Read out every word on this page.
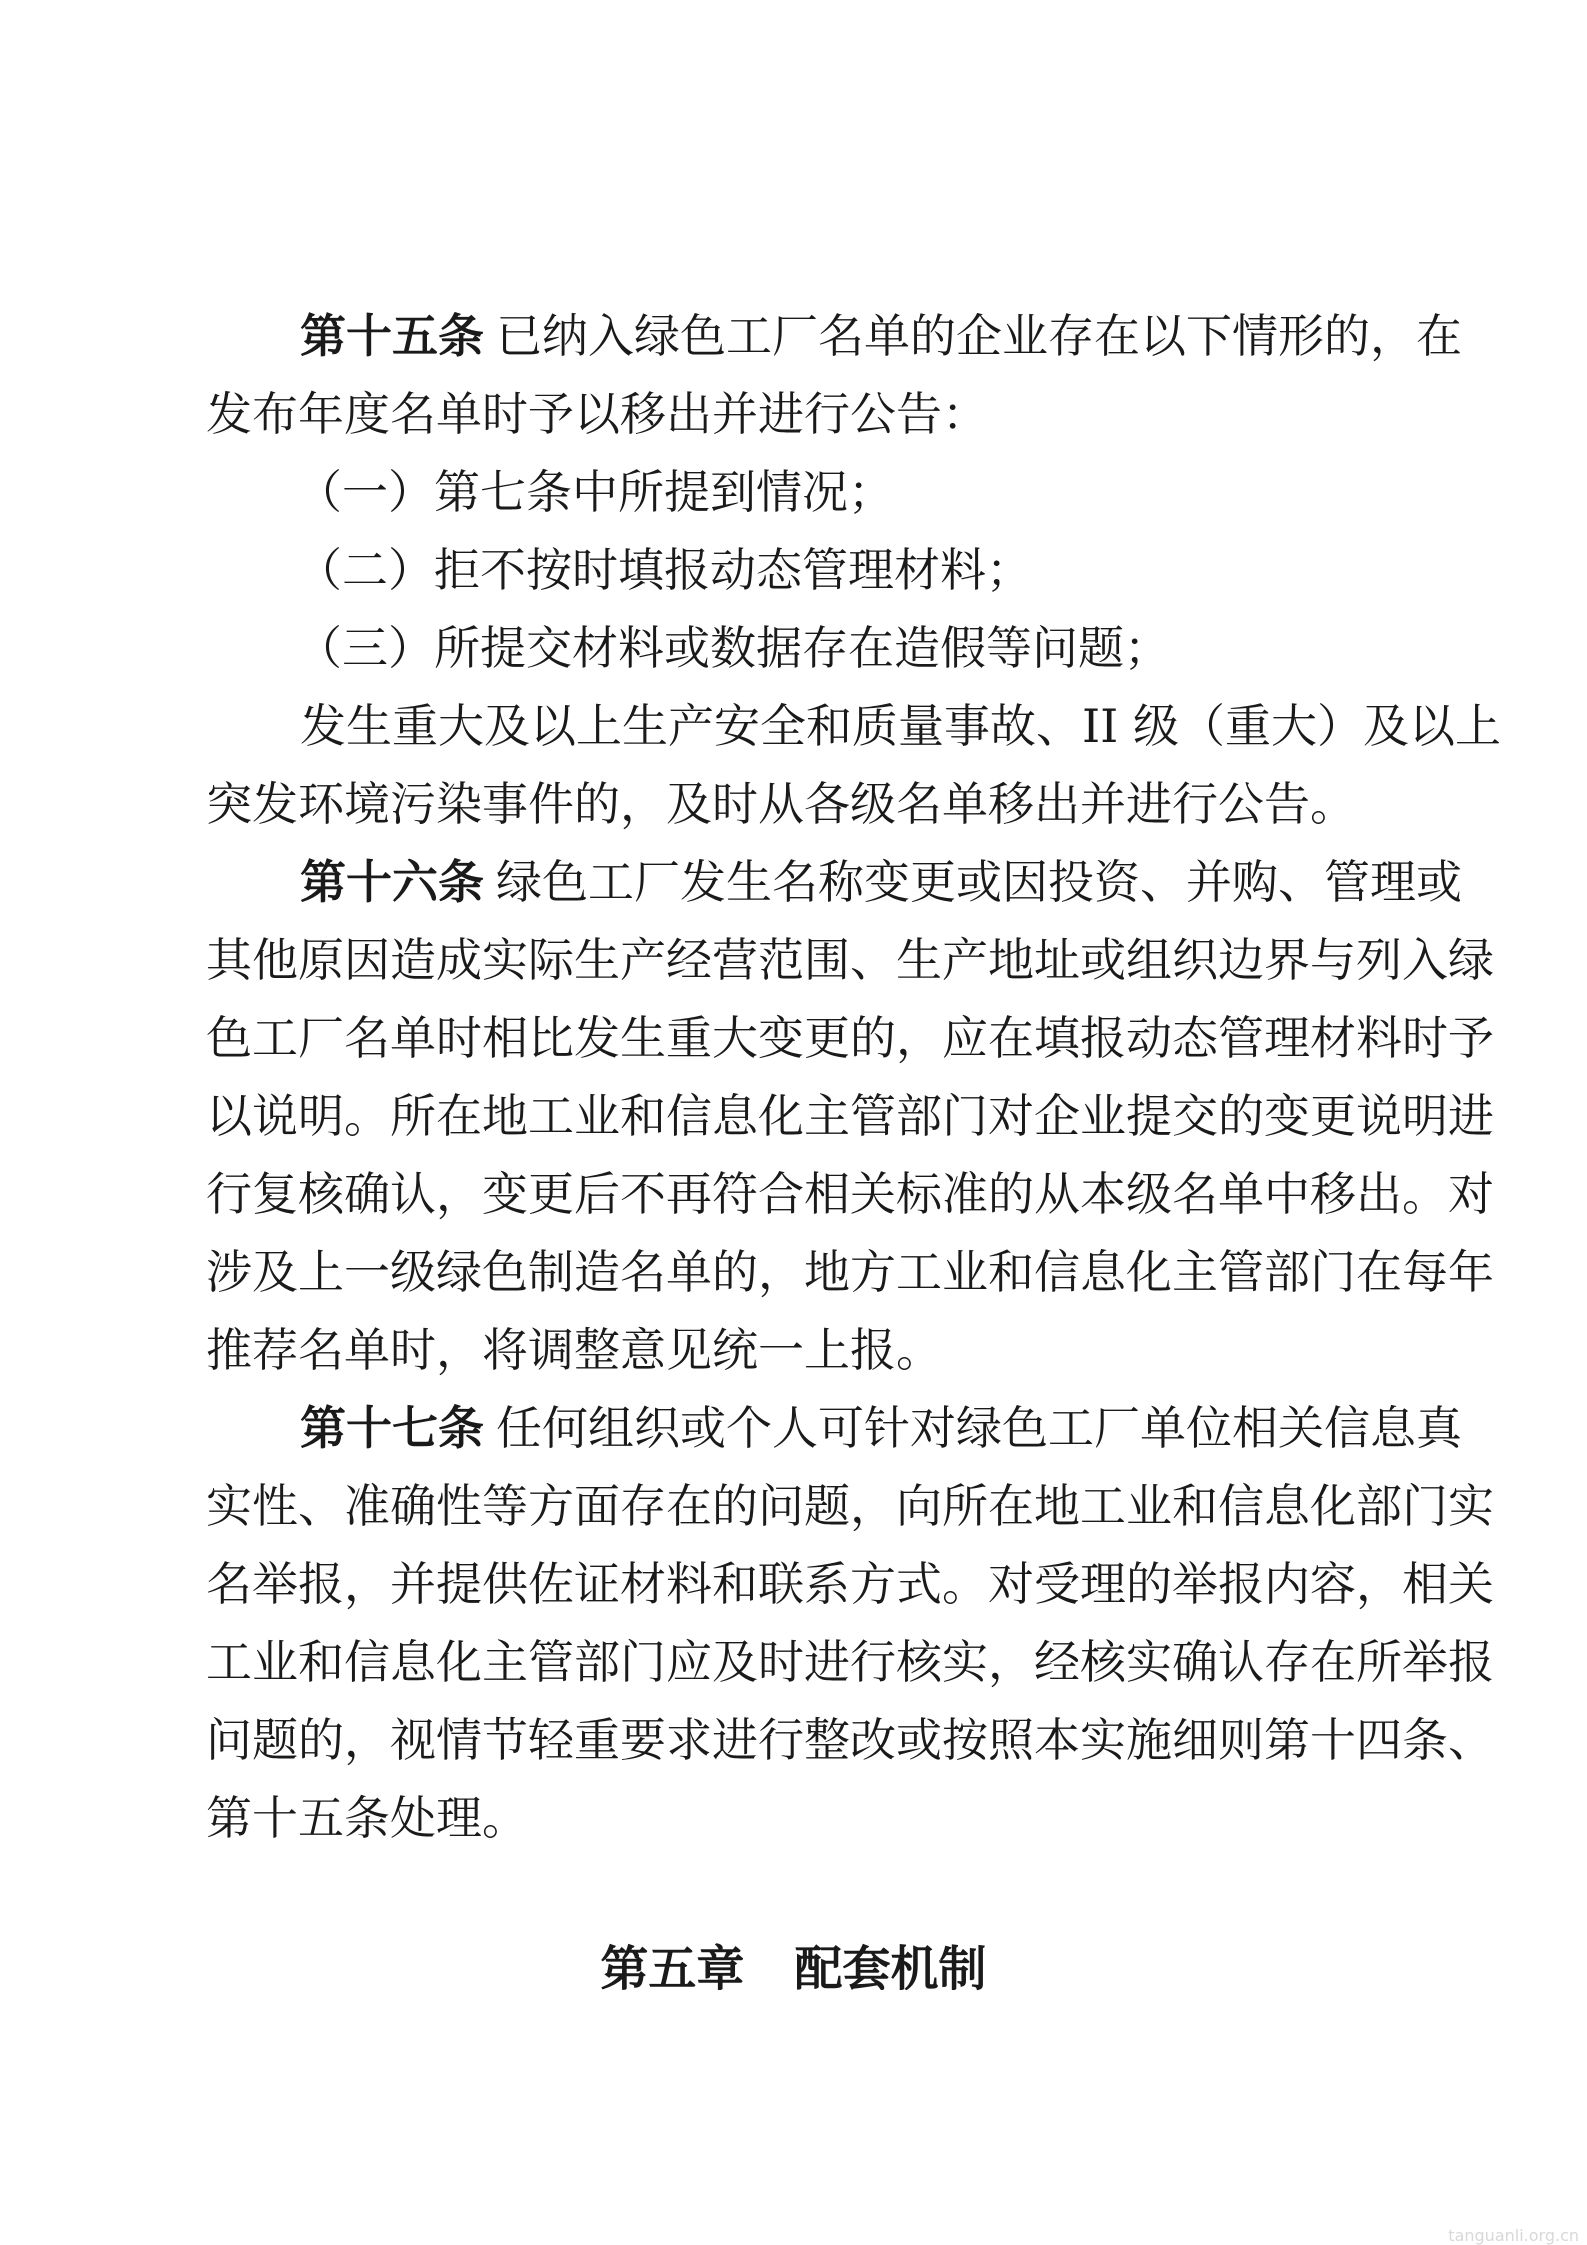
第十五条 已纳入绿色工厂名单的企业存在以下情形的，在
发布年度名单时予以移出并进行公告：
（一）第七条中所提到情况；
（二）拒不按时填报动态管理材料；
（三）所提交材料或数据存在造假等问题；
发生重大及以上生产安全和质量事故、II 级（重大）及以上
突发环境污染事件的，及时从各级名单移出并进行公告。
第十六条 绿色工厂发生名称变更或因投资、并购、管理或
其他原因造成实际生产经营范围、生产地址或组织边界与列入绿
色工厂名单时相比发生重大变更的，应在填报动态管理材料时予
以说明。所在地工业和信息化主管部门对企业提交的变更说明进
行复核确认，变更后不再符合相关标准的从本级名单中移出。对
涉及上一级绿色制造名单的，地方工业和信息化主管部门在每年
推荐名单时，将调整意见统一上报。
第十七条 任何组织或个人可针对绿色工厂单位相关信息真
实性、准确性等方面存在的问题，向所在地工业和信息化部门实
名举报，并提供佐证材料和联系方式。对受理的举报内容，相关
工业和信息化主管部门应及时进行核实，经核实确认存在所举报
问题的，视情节轻重要求进行整改或按照本实施细则第十四条、
第十五条处理。
第五章   配套机制
tanguanli.org.cn
